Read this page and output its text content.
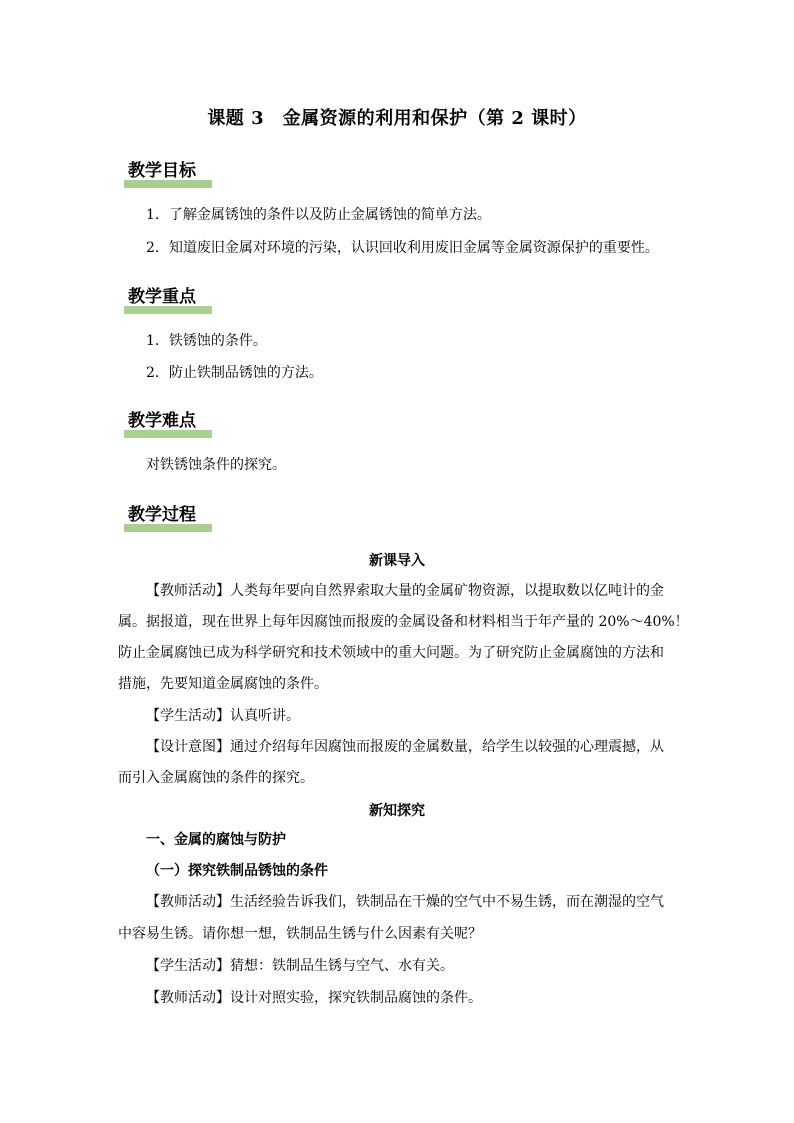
课题 3　金属资源的利用和保护（第 2 课时）
教学目标
1．了解金属锈蚀的条件以及防止金属锈蚀的简单方法。
2．知道废旧金属对环境的污染，认识回收利用废旧金属等金属资源保护的重要性。
教学重点
1．铁锈蚀的条件。
2．防止铁制品锈蚀的方法。
教学难点
对铁锈蚀条件的探究。
教学过程
新课导入
【教师活动】人类每年要向自然界索取大量的金属矿物资源，以提取数以亿吨计的金
属。据报道，现在世界上每年因腐蚀而报废的金属设备和材料相当于年产量的 20%～40%！
防止金属腐蚀已成为科学研究和技术领域中的重大问题。为了研究防止金属腐蚀的方法和
措施，先要知道金属腐蚀的条件。
【学生活动】认真听讲。
【设计意图】通过介绍每年因腐蚀而报废的金属数量，给学生以较强的心理震撼，从
而引入金属腐蚀的条件的探究。
新知探究
一、金属的腐蚀与防护
（一）探究铁制品锈蚀的条件
【教师活动】生活经验告诉我们，铁制品在干燥的空气中不易生锈，而在潮湿的空气
中容易生锈。请你想一想，铁制品生锈与什么因素有关呢？
【学生活动】猜想：铁制品生锈与空气、水有关。
【教师活动】设计对照实验，探究铁制品腐蚀的条件。
